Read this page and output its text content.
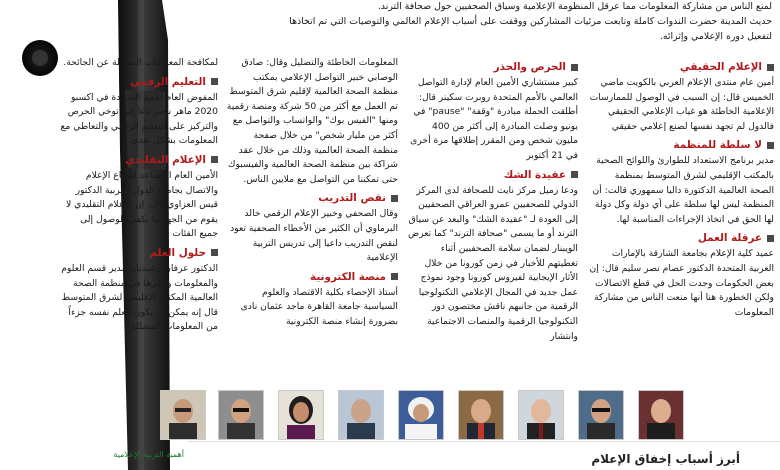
لمنع الناس من مشاركة المعلومات مما عرقل المنظومة الإعلامية وسياق الصحفيين حول صحافة الترند.
حديث المدينة حضرت الندوات كاملة وتابعت مرئيات المشاركين ووقفت على أسباب الإعلام العالمي والتوصيات التي تم اتخاذها
لتفعيل دوره الإعلامي وإثرائه.
الإعلام الحقيقي

أمين عام منتدى الإعلام العربي بالكويت ماضي الخميس قال: إن السبب في الوصول للممارسات الإعلامية الخاطئة هو غياب الإعلامي الحقيقي فالدول لم تجهد نفسها لصنع إعلامي حقيقي

لا سلطة للمنظمة

مدير برنامج الاستعداد للطوارئ واللوائح الصحية بالمكتب الإقليمي لشرق المتوسط بمنظمة الصحة العالمية الدكتورة داليا سمهوري قالت: أن المنظمة ليس لها سلطة على أي دولة وكل دولة لها الحق في اتخاذ الإجراءات المناسبة لها.

عرقلة العمل

عميد كلية الإعلام بجامعة الشارقة بالإمارات العربية المتحدة الدكتور عصام نصر سليم قال: إن بعض الحكومات وجدت الحل في قطع الاتصالات ولكن الخطورة هنا أنها منعت الناس من مشاركة المعلومات

الحرص والحذر

كبير مستشاري الأمين العام لإدارة التواصل العالمي بالأمم المتحدة روبرت سكينر قال: أطلقت الحملة مبادرة "وقفة" "pause" في يونيو وصلت المبادرة إلى أكثر من 400 مليون شخص ومن المقرر إطلاقها مرة أخرى في 21 أكتوبر

عقيدة الشك

ودعا زميل مركز نايت للصحافة لدى المركز الدولي للصحفيين عمرو العراقي الصحفيين إلى العودة لـ "عقيدة الشك" والبعد عن سياق الترند أو ما يسمى "صحافة الترند" كما تعرض الويبنار لضمان سلامة الصحفيين أثناء تغطيتهم للأخبار في زمن كورونا من خلال الأثار الإيجابية لفيروس كورونا وجود نموذج عمل جديد في المجال الإعلامي التكنولوجيا الرقمية من جانبهم ناقش مختصون دور التكنولوجيا الرقمية والمنصات الاجتماعية وانتشار

المعلومات الخاطئة والتضليل وقال: صادق الوصابي خبير التواصل الإعلامي بمكتب منظمة الصحة العالمية لإقليم شرق المتوسط تم العمل مع أكثر من 50 شركة ومنصة رقمية ومنها "الفيس بوك" والواتساب والتواصل مع أكثر من مليار شخص" من خلال صفحة منظمة الصحة العالمية وذلك من خلال عقد شراكة بين منظمة الصحة العالمية والفيسبوك حتى تمكننا من التواصل مع ملايين الناس.

نقص التدريب

وقال الصحفي وخبير الإعلام الرقمي خالد البرماوي أن الكثير من الأخطاء الصحفية تعود لنقص التدريب داعيا إلى تدريس التربية الإعلامية

منصة الكترونية

أستاذ الإحصاء بكلية الاقتصاد والعلوم السياسية جامعة القاهرة ماجد عثمان نادى بضرورة إنشاء منصة الكترونية

لمكافحة المعلومات المضللة عن الجائحة.

التعليم الرقمي

المفوض العام للأمم المتحدة في اكسبو 2020 ماهر ناصر دعا إلى توخي الحرص والتركيز على التعليم الرقمي والتعاطي مع المعلومات بشكل نقدي.

الإعلام التقليدي

الأمين العام المساعد لقطاع الإعلام والاتصال بجامعة الدول العربية الدكتور قيس العزاوي قال: إن الإعلام التقليدي لا يقوم من الجهد ما يكفي للوصول إلى جميع الفئات

حلول العلم

الدكتور عرفان رشيديان مدير قسم العلوم والمعلومات ونشرها في منظمة الصحة العالمية المكتب الإقليمي لشرق المتوسط قال إنه يمكن أن يكون العلم نفسه جزءاً من المعلومات المضللة

أبرز أسباب إخفاق الإعلام
أهمية التربية الإعلامية
